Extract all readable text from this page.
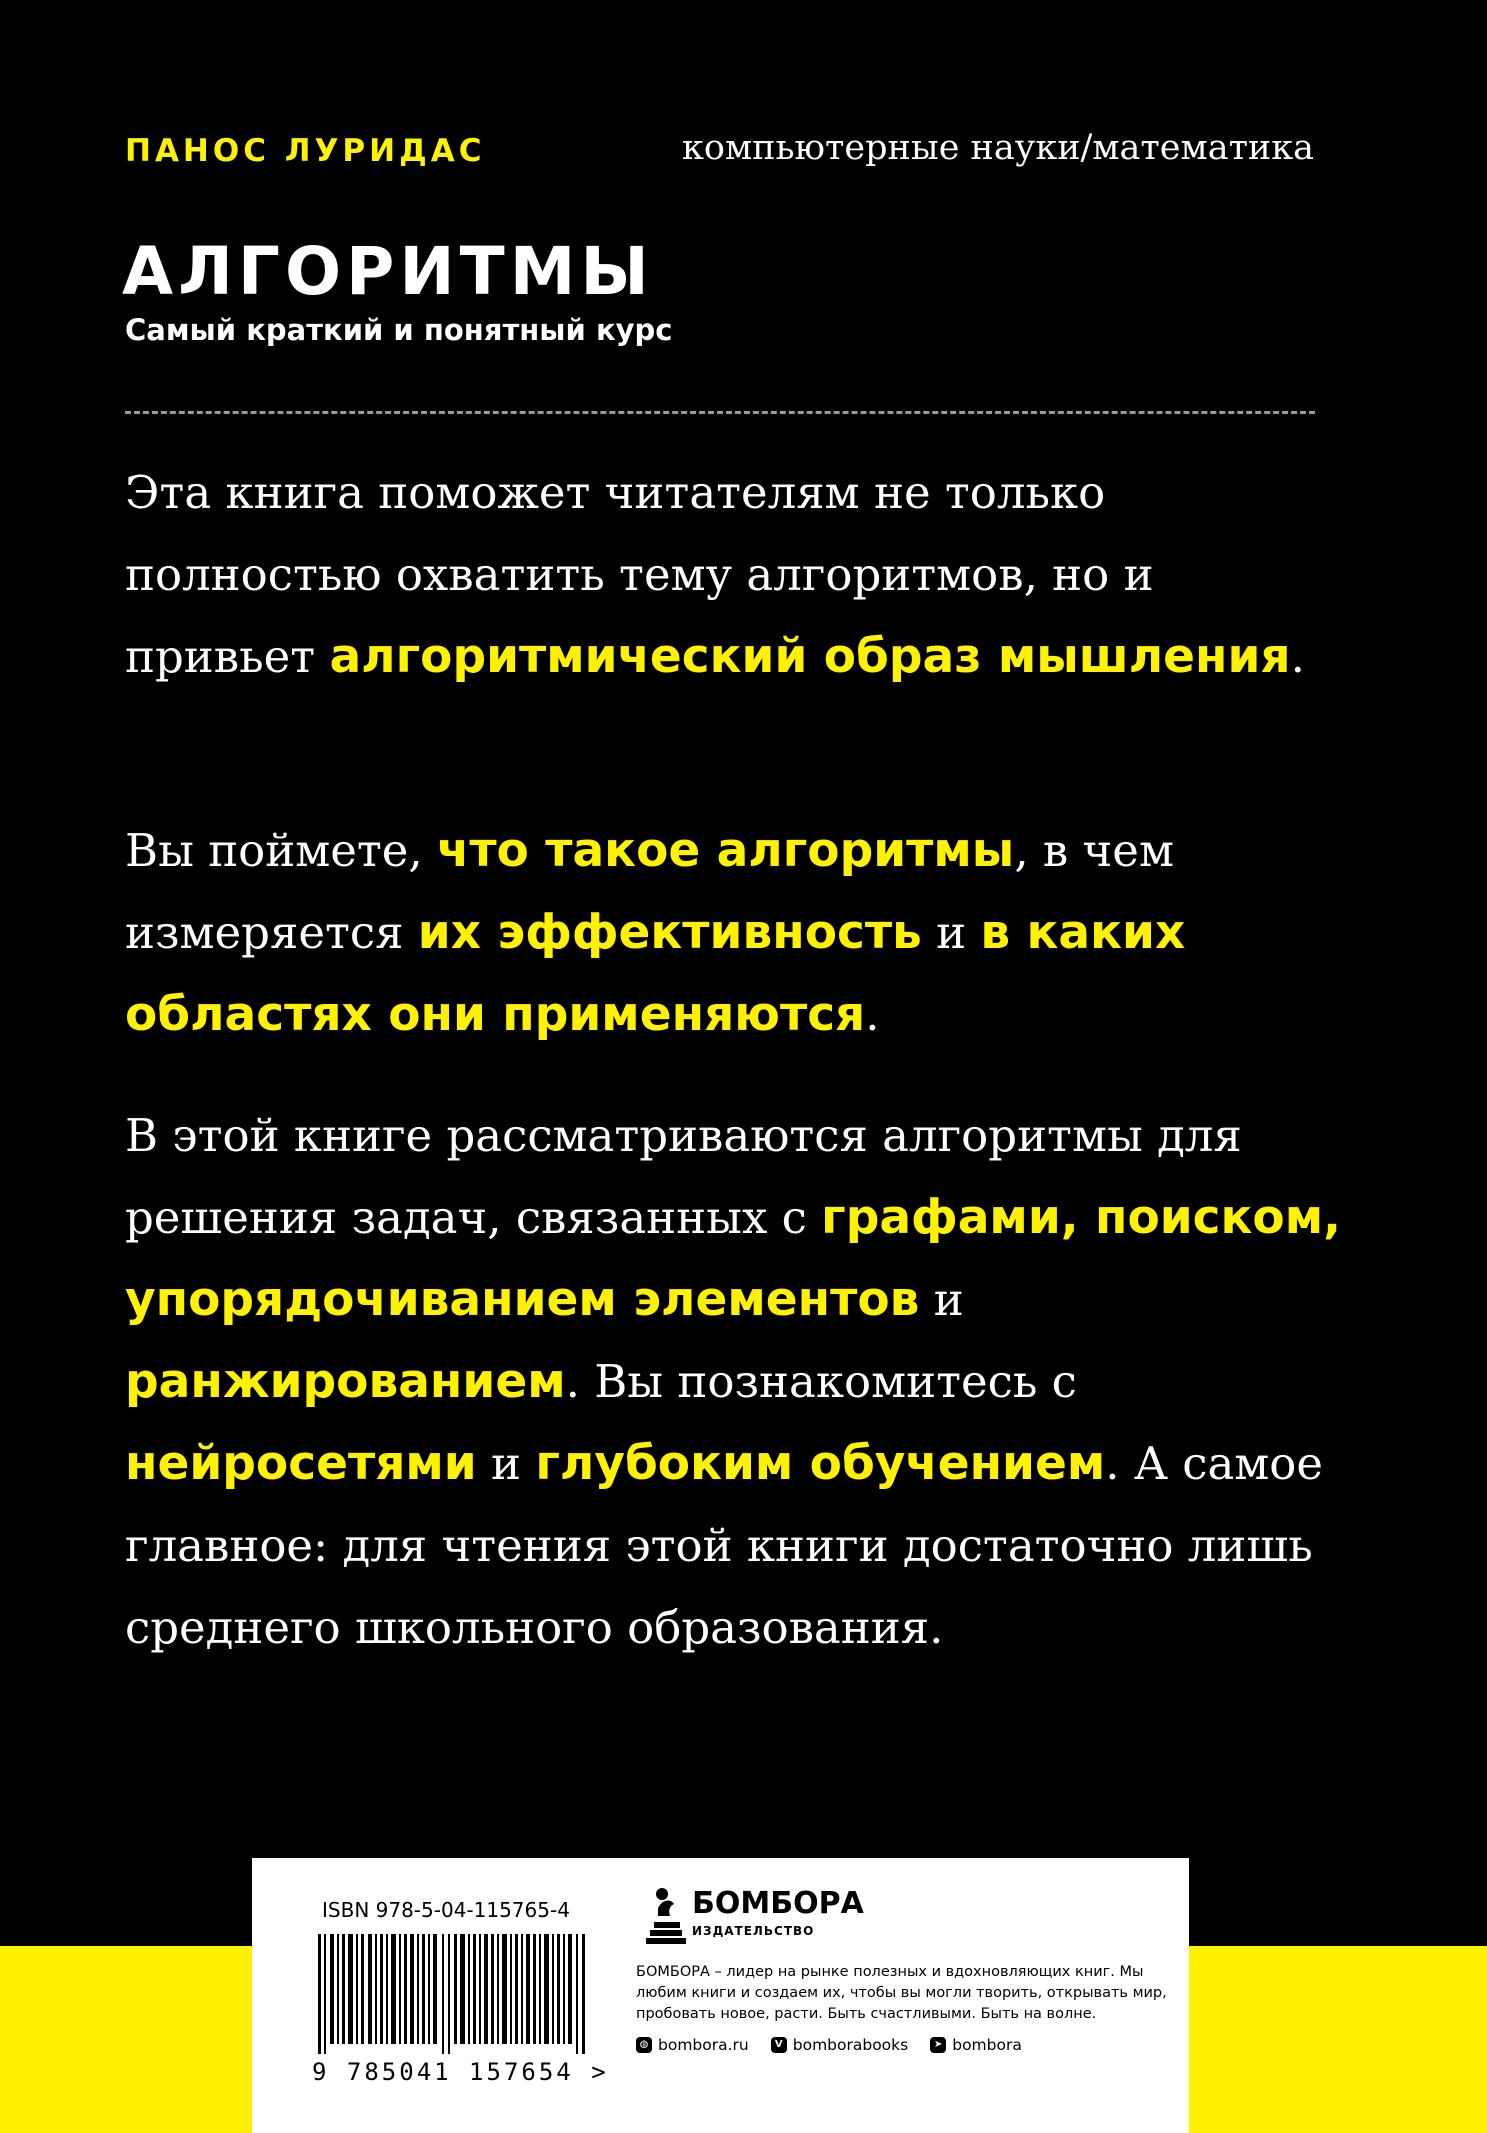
ПАНОС ЛУРИДАС	компьютерные науки/математика
АЛГОРИТМЫ
Самый краткий и понятный курс
Эта книга поможет читателям не только полностью охватить тему алгоритмов, но и привьет алгоритмический образ мышления.
Вы поймете, что такое алгоритмы, в чем измеряется их эффективность и в каких областях они применяются.
В этой книге рассматриваются алгоритмы для решения задач, связанных с графами, поиском, упорядочиванием элементов и ранжированием. Вы познакомитесь с нейросетями и глубоким обучением. А самое главное: для чтения этой книги достаточно лишь среднего школьного образования.
ISBN 978-5-04-115765-4
9 785041 157654 >
БОМБОРА
ИЗДАТЕЛЬСТВО
БОМБОРА – лидер на рынке полезных и вдохновляющих книг. Мы любим книги и создаем их, чтобы вы могли творить, открывать мир, пробовать новое, расти. Быть счастливыми. Быть на волне.
◍ bombora.ru	V bomborabooks	➤ bombora
